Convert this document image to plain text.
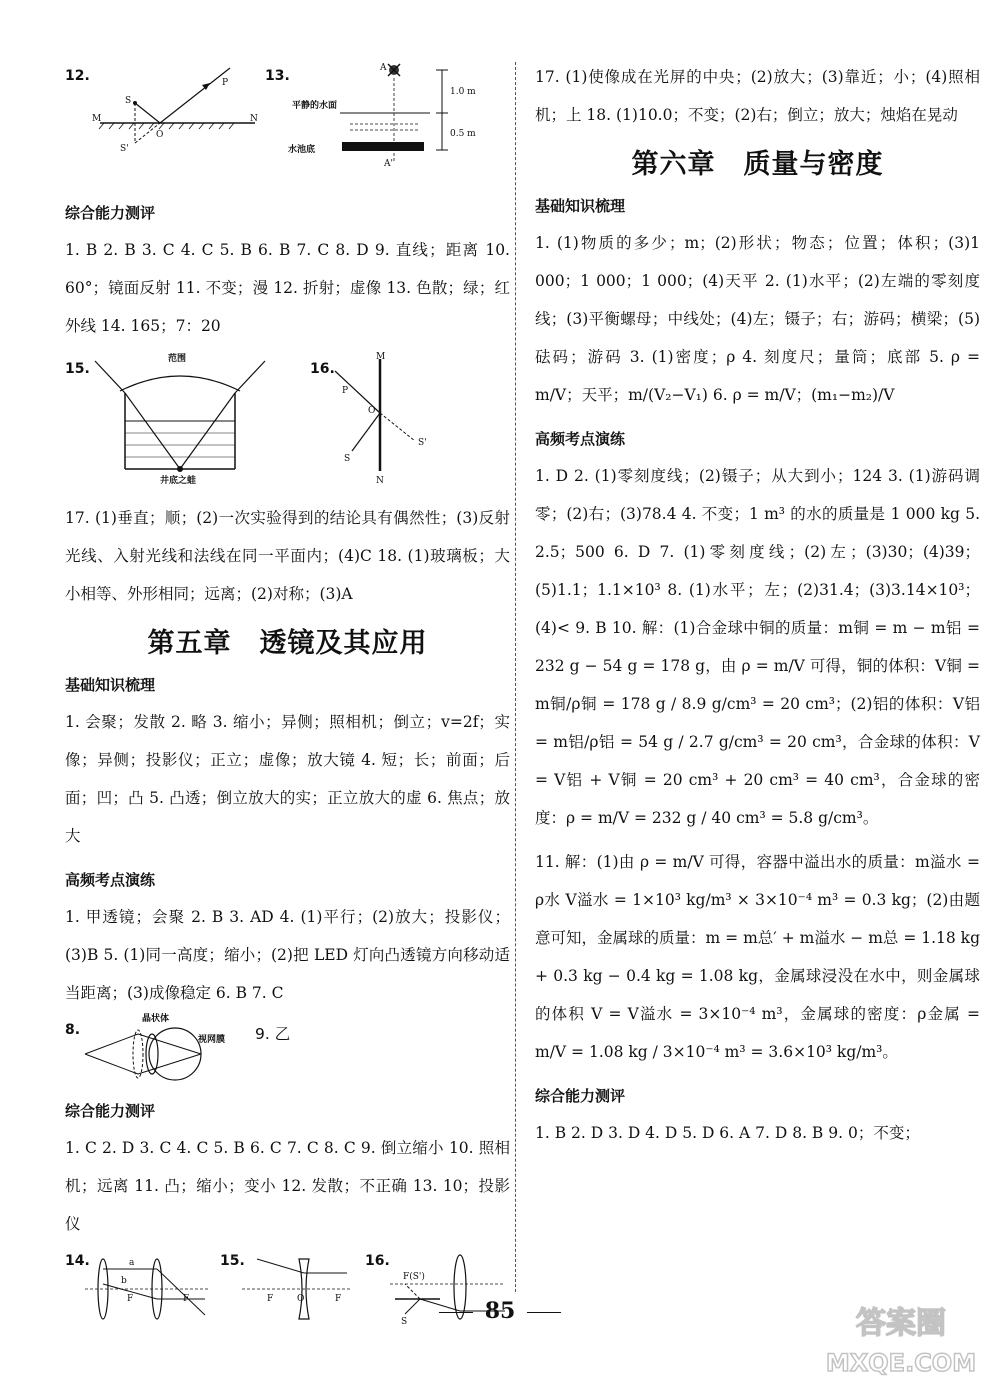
12.
M	N
S
S'
O
P	13.	A
平静的水面
水池底
A'
1.0 m
0.5 m
综合能力测评
1. B 2. B 3. C 4. C 5. B 6. B 7. C 8. D 9. 直线；距离 10. 60°；镜面反射 11. 不变；漫 12. 折射；虚像 13. 色散；绿；红外线 14. 165；7：20
15.
范围
井底之蛙
16.
M
N
P
O
S
S'
17. (1)垂直；顺；(2)一次实验得到的结论具有偶然性；(3)反射光线、入射光线和法线在同一平面内；(4)C 18. (1)玻璃板；大小相等、外形相同；远离；(2)对称；(3)A
第五章　透镜及其应用
基础知识梳理
1. 会聚；发散 2. 略 3. 缩小；异侧；照相机；倒立；v=2f；实像；异侧；投影仪；正立；虚像；放大镜 4. 短；长；前面；后面；凹；凸 5. 凸透；倒立放大的实；正立放大的虚 6. 焦点；放大
高频考点演练
1. 甲透镜；会聚 2. B 3. AD 4. (1)平行；(2)放大；投影仪；(3)B 5. (1)同一高度；缩小；(2)把 LED 灯向凸透镜方向移动适当距离；(3)成像稳定 6. B 7. C
8.
晶状体
视网膜 9. 乙
综合能力测评
1. C 2. D 3. C 4. C 5. B 6. C 7. C 8. C 9. 倒立缩小 10. 照相机；远离 11. 凸；缩小；变小 12. 发散；不正确 13. 10；投影仪
14.	a
b
F	F
15.
F	O	F
16.
F(S')
S
17. (1)使像成在光屏的中央；(2)放大；(3)靠近；小；(4)照相机；上 18. (1)10.0；不变；(2)右；倒立；放大；烛焰在晃动
第六章　质量与密度
基础知识梳理
1. (1)物质的多少；m；(2)形状；物态；位置；体积；(3)1 000；1 000；1 000；(4)天平 2. (1)水平；(2)左端的零刻度线；(3)平衡螺母；中线处；(4)左；镊子；右；游码；横梁；(5)砝码；游码 3. (1)密度；ρ 4. 刻度尺；量筒；底部 5. ρ = m/V；天平；m/(V₂−V₁) 6. ρ = m/V；(m₁−m₂)/V
高频考点演练
1. D 2. (1)零刻度线；(2)镊子；从大到小；124 3. (1)游码调零；(2)右；(3)78.4 4. 不变；1 m³ 的水的质量是 1 000 kg 5. 2.5；500 6. D 7. (1)零刻度线；(2)左；(3)30；(4)39；(5)1.1；1.1×10³ 8. (1)水平；左；(2)31.4；(3)3.14×10³；(4)< 9. B 10. 解：(1)合金球中铜的质量：m铜 = m − m铝 = 232 g − 54 g = 178 g，由 ρ = m/V 可得，铜的体积：V铜 = m铜/ρ铜 = 178 g / 8.9 g/cm³ = 20 cm³；(2)铝的体积：V铝 = m铝/ρ铝 = 54 g / 2.7 g/cm³ = 20 cm³，合金球的体积：V = V铝 + V铜 = 20 cm³ + 20 cm³ = 40 cm³，合金球的密度：ρ = m/V = 232 g / 40 cm³ = 5.8 g/cm³。
11. 解：(1)由 ρ = m/V 可得，容器中溢出水的质量：m溢水 = ρ水 V溢水 = 1×10³ kg/m³ × 3×10⁻⁴ m³ = 0.3 kg；(2)由题意可知，金属球的质量：m = m总′ + m溢水 − m总 = 1.18 kg + 0.3 kg − 0.4 kg = 1.08 kg，金属球浸没在水中，则金属球的体积 V = V溢水 = 3×10⁻⁴ m³，金属球的密度：ρ金属 = m/V = 1.08 kg / 3×10⁻⁴ m³ = 3.6×10³ kg/m³。
综合能力测评
1. B 2. D 3. D 4. D 5. D 6. A 7. D 8. B 9. 0；不变；
85	答案圈
MXQE.COM
